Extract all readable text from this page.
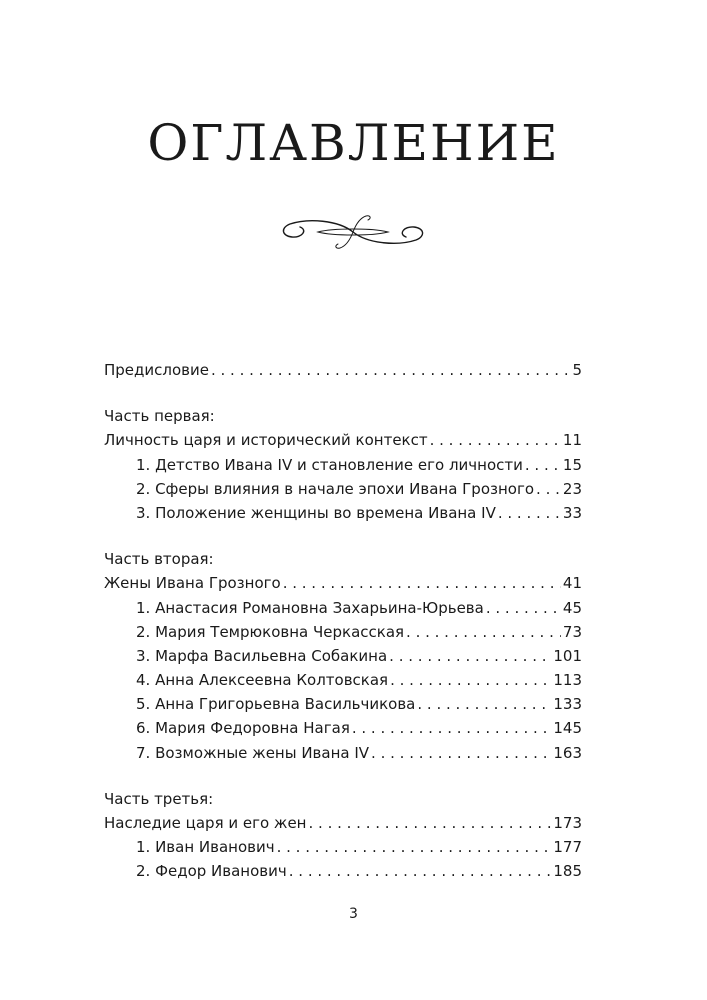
ОГЛАВЛЕНИЕ
Предисловие . . .	5
Часть первая:
Личность царя и исторический контекст . . .	11
1. Детство Ивана IV и становление его личности . . .	15
2. Сферы влияния в начале эпохи Ивана Грозного . . . 23
3. Положение женщины во времена Ивана IV . . .	33
Часть вторая:
Жены Ивана Грозного . . .	41
1. Анастасия Романовна Захарьина-Юрьева . . .	45
2. Мария Темрюковна Черкасская . . .	73
3. Марфа Васильевна Собакина . . .	101
4. Анна Алексеевна Колтовская . . .	113
5. Анна Григорьевна Васильчикова . . .	133
6. Мария Федоровна Нагая . . .	145
7. Возможные жены Ивана IV . . .	163
Часть третья:
Наследие царя и его жен . . .	173
1. Иван Иванович . . .	177
2. Федор Иванович . . .	185
3
